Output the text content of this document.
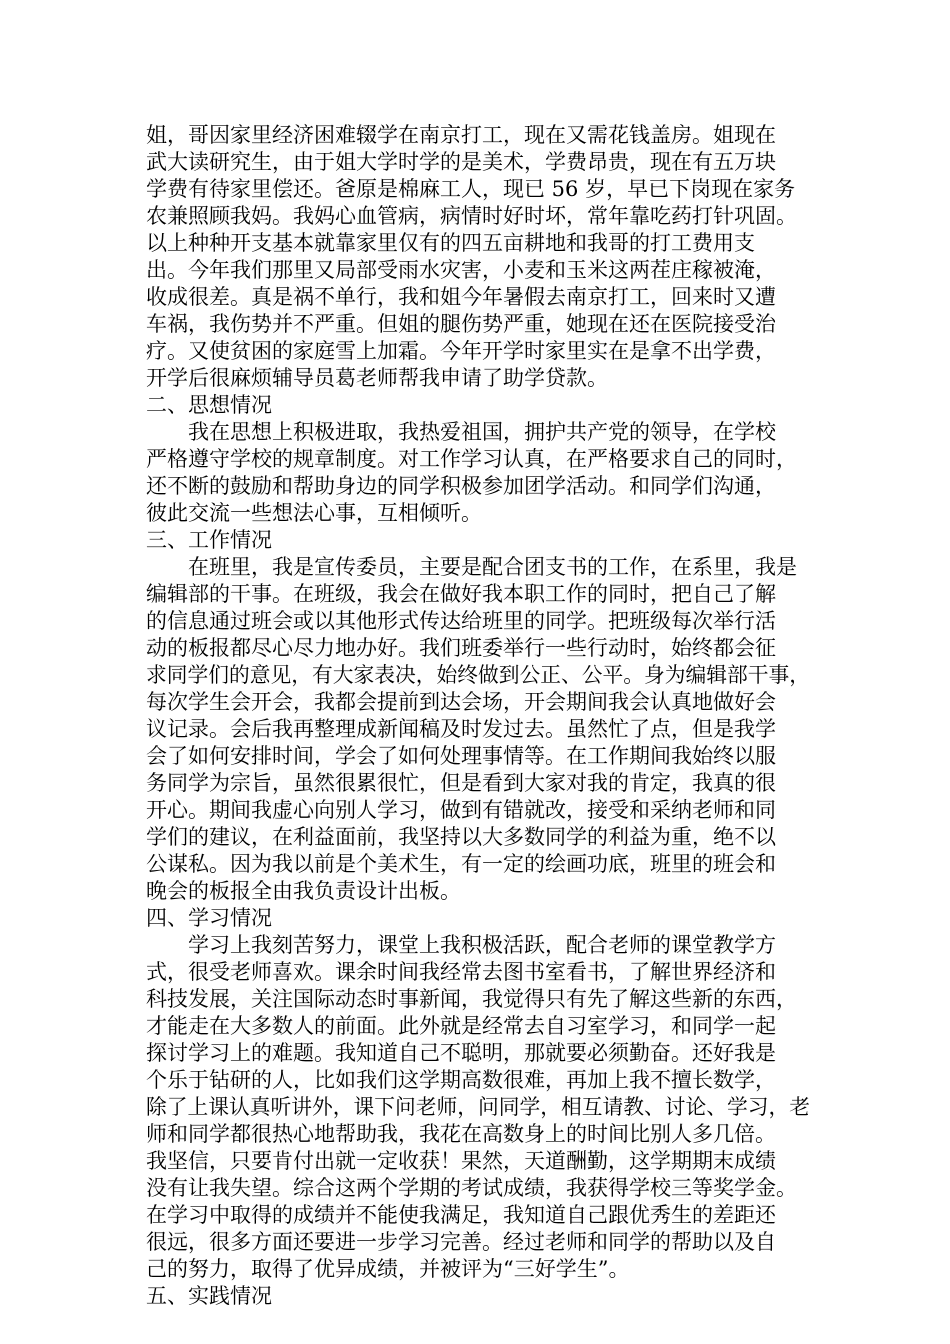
姐，哥因家里经济困难辍学在南京打工，现在又需花钱盖房。姐现在
武大读研究生，由于姐大学时学的是美术，学费昂贵，现在有五万块
学费有待家里偿还。爸原是棉麻工人，现已 56 岁，早已下岗现在家务
农兼照顾我妈。我妈心血管病，病情时好时坏，常年靠吃药打针巩固。
以上种种开支基本就靠家里仅有的四五亩耕地和我哥的打工费用支
出。今年我们那里又局部受雨水灾害，小麦和玉米这两茬庄稼被淹，
收成很差。真是祸不单行，我和姐今年暑假去南京打工，回来时又遭
车祸，我伤势并不严重。但姐的腿伤势严重，她现在还在医院接受治
疗。又使贫困的家庭雪上加霜。今年开学时家里实在是拿不出学费，
开学后很麻烦辅导员葛老师帮我申请了助学贷款。
二、思想情况
　　我在思想上积极进取，我热爱祖国，拥护共产党的领导，在学校
严格遵守学校的规章制度。对工作学习认真，在严格要求自己的同时，
还不断的鼓励和帮助身边的同学积极参加团学活动。和同学们沟通，
彼此交流一些想法心事，互相倾听。
三、工作情况
　　在班里，我是宣传委员，主要是配合团支书的工作，在系里，我是
编辑部的干事。在班级，我会在做好我本职工作的同时，把自己了解
的信息通过班会或以其他形式传达给班里的同学。把班级每次举行活
动的板报都尽心尽力地办好。我们班委举行一些行动时，始终都会征
求同学们的意见，有大家表决，始终做到公正、公平。身为编辑部干事，
每次学生会开会，我都会提前到达会场，开会期间我会认真地做好会
议记录。会后我再整理成新闻稿及时发过去。虽然忙了点，但是我学
会了如何安排时间，学会了如何处理事情等。在工作期间我始终以服
务同学为宗旨，虽然很累很忙，但是看到大家对我的肯定，我真的很
开心。期间我虚心向别人学习，做到有错就改，接受和采纳老师和同
学们的建议，在利益面前，我坚持以大多数同学的利益为重，绝不以
公谋私。因为我以前是个美术生，有一定的绘画功底，班里的班会和
晚会的板报全由我负责设计出板。
四、学习情况
　　学习上我刻苦努力，课堂上我积极活跃，配合老师的课堂教学方
式，很受老师喜欢。课余时间我经常去图书室看书，了解世界经济和
科技发展，关注国际动态时事新闻，我觉得只有先了解这些新的东西，
才能走在大多数人的前面。此外就是经常去自习室学习，和同学一起
探讨学习上的难题。我知道自己不聪明，那就要必须勤奋。还好我是
个乐于钻研的人，比如我们这学期高数很难，再加上我不擅长数学，
除了上课认真听讲外，课下问老师，问同学，相互请教、讨论、学习，老
师和同学都很热心地帮助我，我花在高数身上的时间比别人多几倍。
我坚信，只要肯付出就一定收获！果然，天道酬勤，这学期期末成绩
没有让我失望。综合这两个学期的考试成绩，我获得学校三等奖学金。
在学习中取得的成绩并不能使我满足，我知道自己跟优秀生的差距还
很远，很多方面还要进一步学习完善。经过老师和同学的帮助以及自
己的努力，取得了优异成绩，并被评为“三好学生”。
五、实践情况
